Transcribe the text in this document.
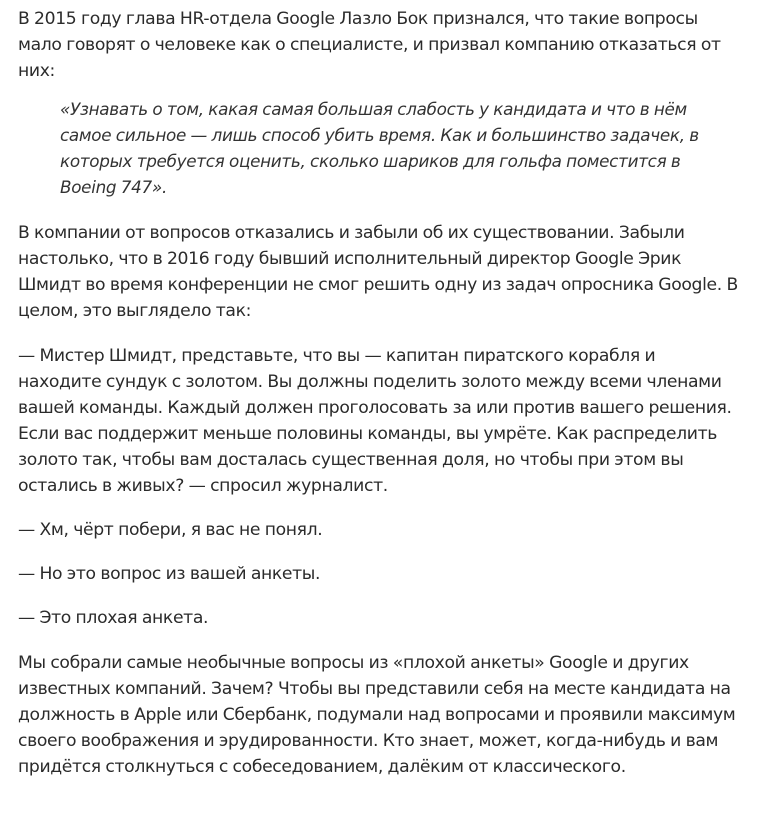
В 2015 году глава HR-отдела Google Лазло Бок признался, что такие вопросы мало говорят о человеке как о специалисте, и призвал компанию отказаться от них:

«Узнавать о том, какая самая большая слабость у кандидата и что в нём самое сильное — лишь способ убить время. Как и большинство задачек, в которых требуется оценить, сколько шариков для гольфа поместится в Boeing 747».

В компании от вопросов отказались и забыли об их существовании. Забыли настолько, что в 2016 году бывший исполнительный директор Google Эрик Шмидт во время конференции не смог решить одну из задач опросника Google. В целом, это выглядело так:

— Мистер Шмидт, представьте, что вы — капитан пиратского корабля и находите сундук с золотом. Вы должны поделить золото между всеми членами вашей команды. Каждый должен проголосовать за или против вашего решения. Если вас поддержит меньше половины команды, вы умрёте. Как распределить золото так, чтобы вам досталась существенная доля, но чтобы при этом вы остались в живых? — спросил журналист.

— Хм, чёрт побери, я вас не понял.

— Но это вопрос из вашей анкеты.

— Это плохая анкета.

Мы собрали самые необычные вопросы из «плохой анкеты» Google и других известных компаний. Зачем? Чтобы вы представили себя на месте кандидата на должность в Apple или Сбербанк, подумали над вопросами и проявили максимум своего воображения и эрудированности. Кто знает, может, когда-нибудь и вам придётся столкнуться с собеседованием, далёким от классического.
